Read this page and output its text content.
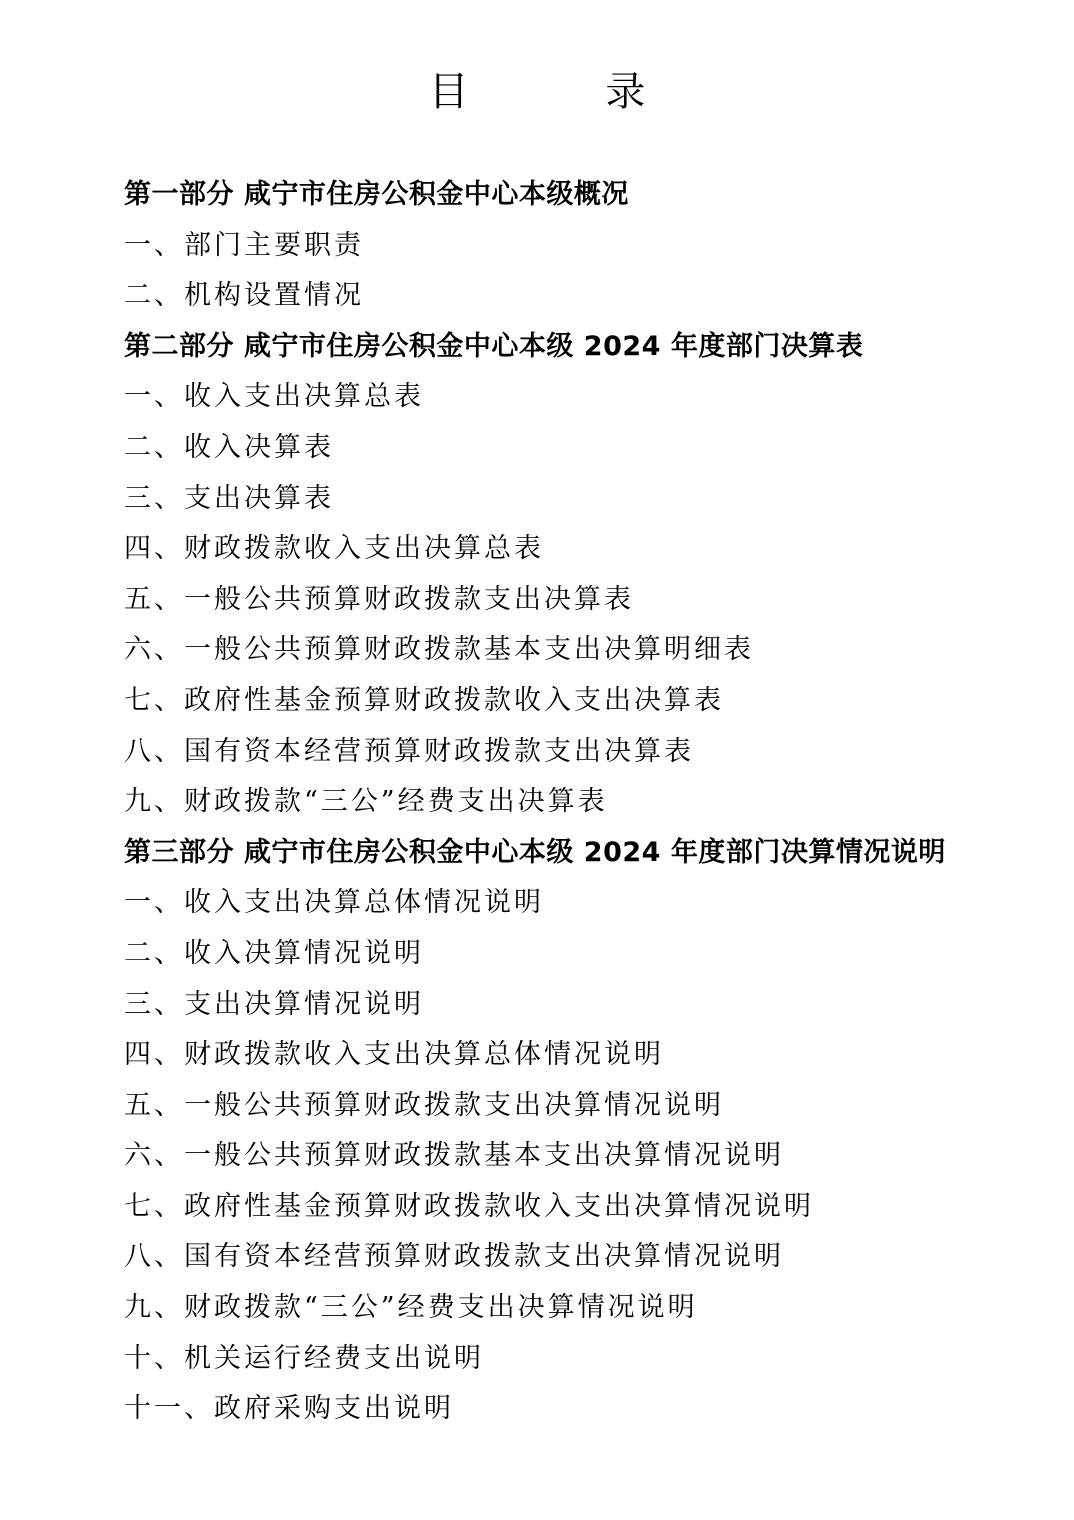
目 录
第一部分 咸宁市住房公积金中心本级概况
一、部门主要职责
二、机构设置情况
第二部分 咸宁市住房公积金中心本级 2024 年度部门决算表
一、收入支出决算总表
二、收入决算表
三、支出决算表
四、财政拨款收入支出决算总表
五、一般公共预算财政拨款支出决算表
六、一般公共预算财政拨款基本支出决算明细表
七、政府性基金预算财政拨款收入支出决算表
八、国有资本经营预算财政拨款支出决算表
九、财政拨款“三公”经费支出决算表
第三部分 咸宁市住房公积金中心本级 2024 年度部门决算情况说明
一、收入支出决算总体情况说明
二、收入决算情况说明
三、支出决算情况说明
四、财政拨款收入支出决算总体情况说明
五、一般公共预算财政拨款支出决算情况说明
六、一般公共预算财政拨款基本支出决算情况说明
七、政府性基金预算财政拨款收入支出决算情况说明
八、国有资本经营预算财政拨款支出决算情况说明
九、财政拨款“三公”经费支出决算情况说明
十、机关运行经费支出说明
十一、政府采购支出说明
